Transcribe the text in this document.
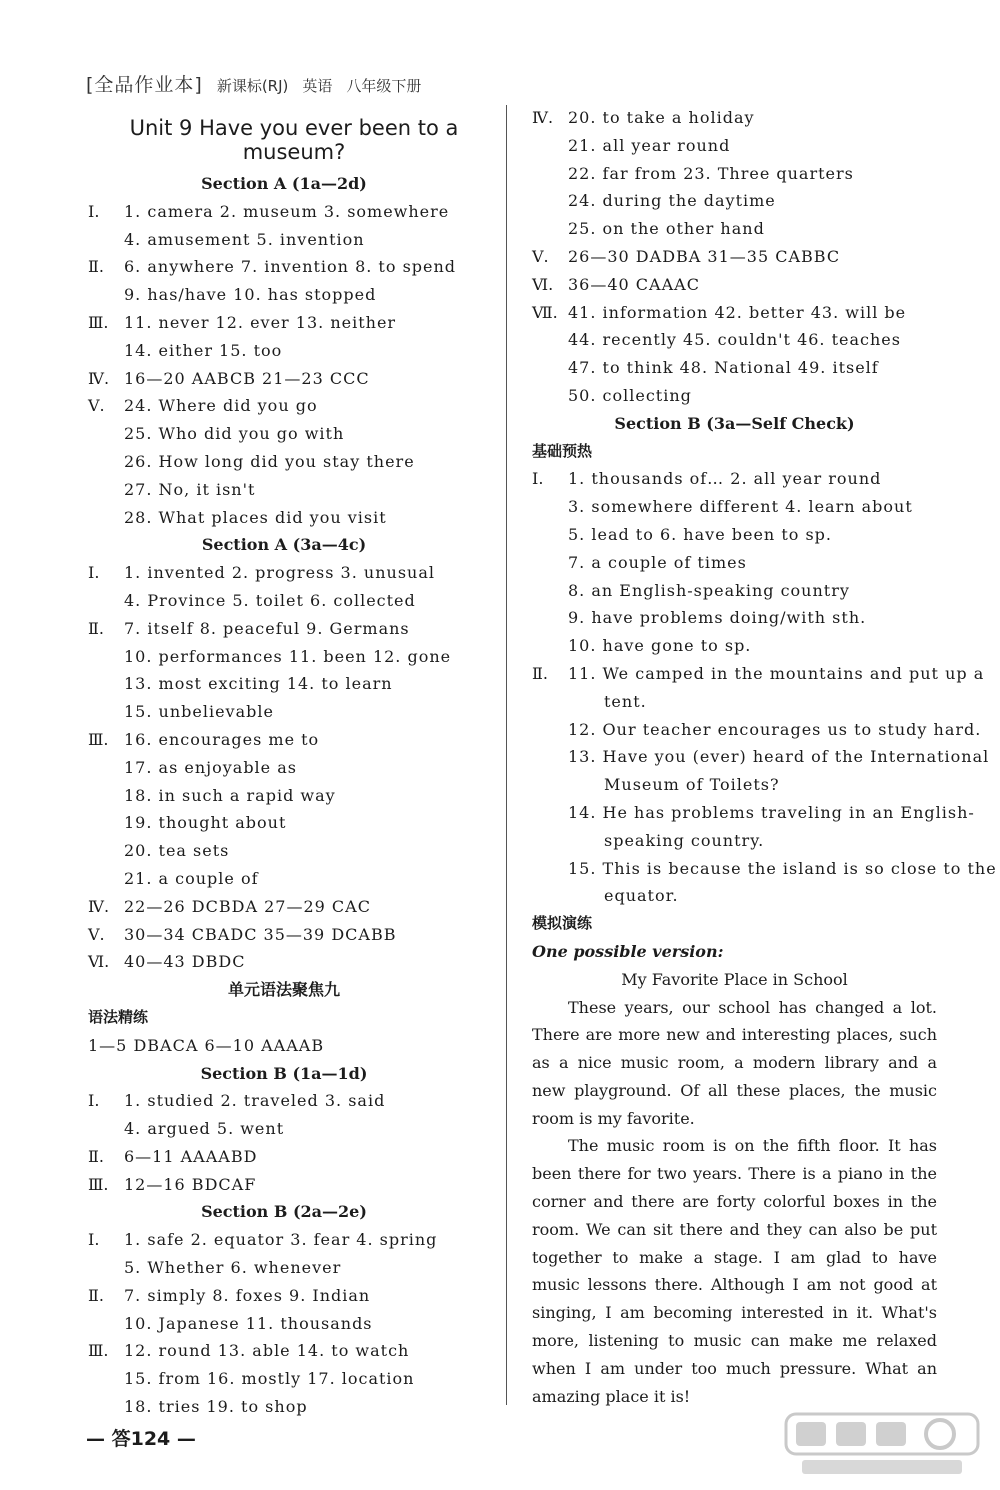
[全品作业本] 新课标(RJ) 英语 八年级下册
Unit 9 Have you ever been to a museum?
Section A (1a—2d)
Ⅰ. 1. camera 2. museum 3. somewhere
4. amusement 5. invention
Ⅱ. 6. anywhere 7. invention 8. to spend
9. has/have 10. has stopped
Ⅲ. 11. never 12. ever 13. neither
14. either 15. too
Ⅳ. 16—20 AABCB 21—23 CCC
Ⅴ. 24. Where did you go
25. Who did you go with
26. How long did you stay there
27. No, it isn't
28. What places did you visit
Section A (3a—4c)
Ⅰ. 1. invented 2. progress 3. unusual
4. Province 5. toilet 6. collected
Ⅱ. 7. itself 8. peaceful 9. Germans
10. performances 11. been 12. gone
13. most exciting 14. to learn
15. unbelievable
Ⅲ. 16. encourages me to
17. as enjoyable as
18. in such a rapid way
19. thought about
20. tea sets
21. a couple of
Ⅳ. 22—26 DCBDA 27—29 CAC
Ⅴ. 30—34 CBADC 35—39 DCABB
Ⅵ. 40—43 DBDC
单元语法聚焦九
语法精练
1—5 DBACA 6—10 AAAAB
Section B (1a—1d)
Ⅰ. 1. studied 2. traveled 3. said
4. argued 5. went
Ⅱ. 6—11 AAAABD
Ⅲ. 12—16 BDCAF
Section B (2a—2e)
Ⅰ. 1. safe 2. equator 3. fear 4. spring
5. Whether 6. whenever
Ⅱ. 7. simply 8. foxes 9. Indian
10. Japanese 11. thousands
Ⅲ. 12. round 13. able 14. to watch
15. from 16. mostly 17. location
18. tries 19. to shop
Ⅳ. 20. to take a holiday
21. all year round
22. far from 23. Three quarters
24. during the daytime
25. on the other hand
Ⅴ. 26—30 DADBA 31—35 CABBC
Ⅵ. 36—40 CAAAC
Ⅶ. 41. information 42. better 43. will be
44. recently 45. couldn't 46. teaches
47. to think 48. National 49. itself
50. collecting
Section B (3a—Self Check)
基础预热
Ⅰ. 1. thousands of… 2. all year round
3. somewhere different 4. learn about
5. lead to 6. have been to sp.
7. a couple of times
8. an English-speaking country
9. have problems doing/with sth.
10. have gone to sp.
Ⅱ. 11. We camped in the mountains and put up a
tent.
12. Our teacher encourages us to study hard.
13. Have you (ever) heard of the International
Museum of Toilets?
14. He has problems traveling in an English-
speaking country.
15. This is because the island is so close to the
equator.
模拟演练
One possible version:
My Favorite Place in School

These years, our school has changed a lot. There are more new and interesting places, such as a nice music room, a modern library and a new playground. Of all these places, the music room is my favorite.

The music room is on the fifth floor. It has been there for two years. There is a piano in the corner and there are forty colorful boxes in the room. We can sit there and they can also be put together to make a stage. I am glad to have music lessons there. Although I am not good at singing, I am becoming interested in it. What's more, listening to music can make me relaxed when I am under too much pressure. What an amazing place it is!

— 答124 —
